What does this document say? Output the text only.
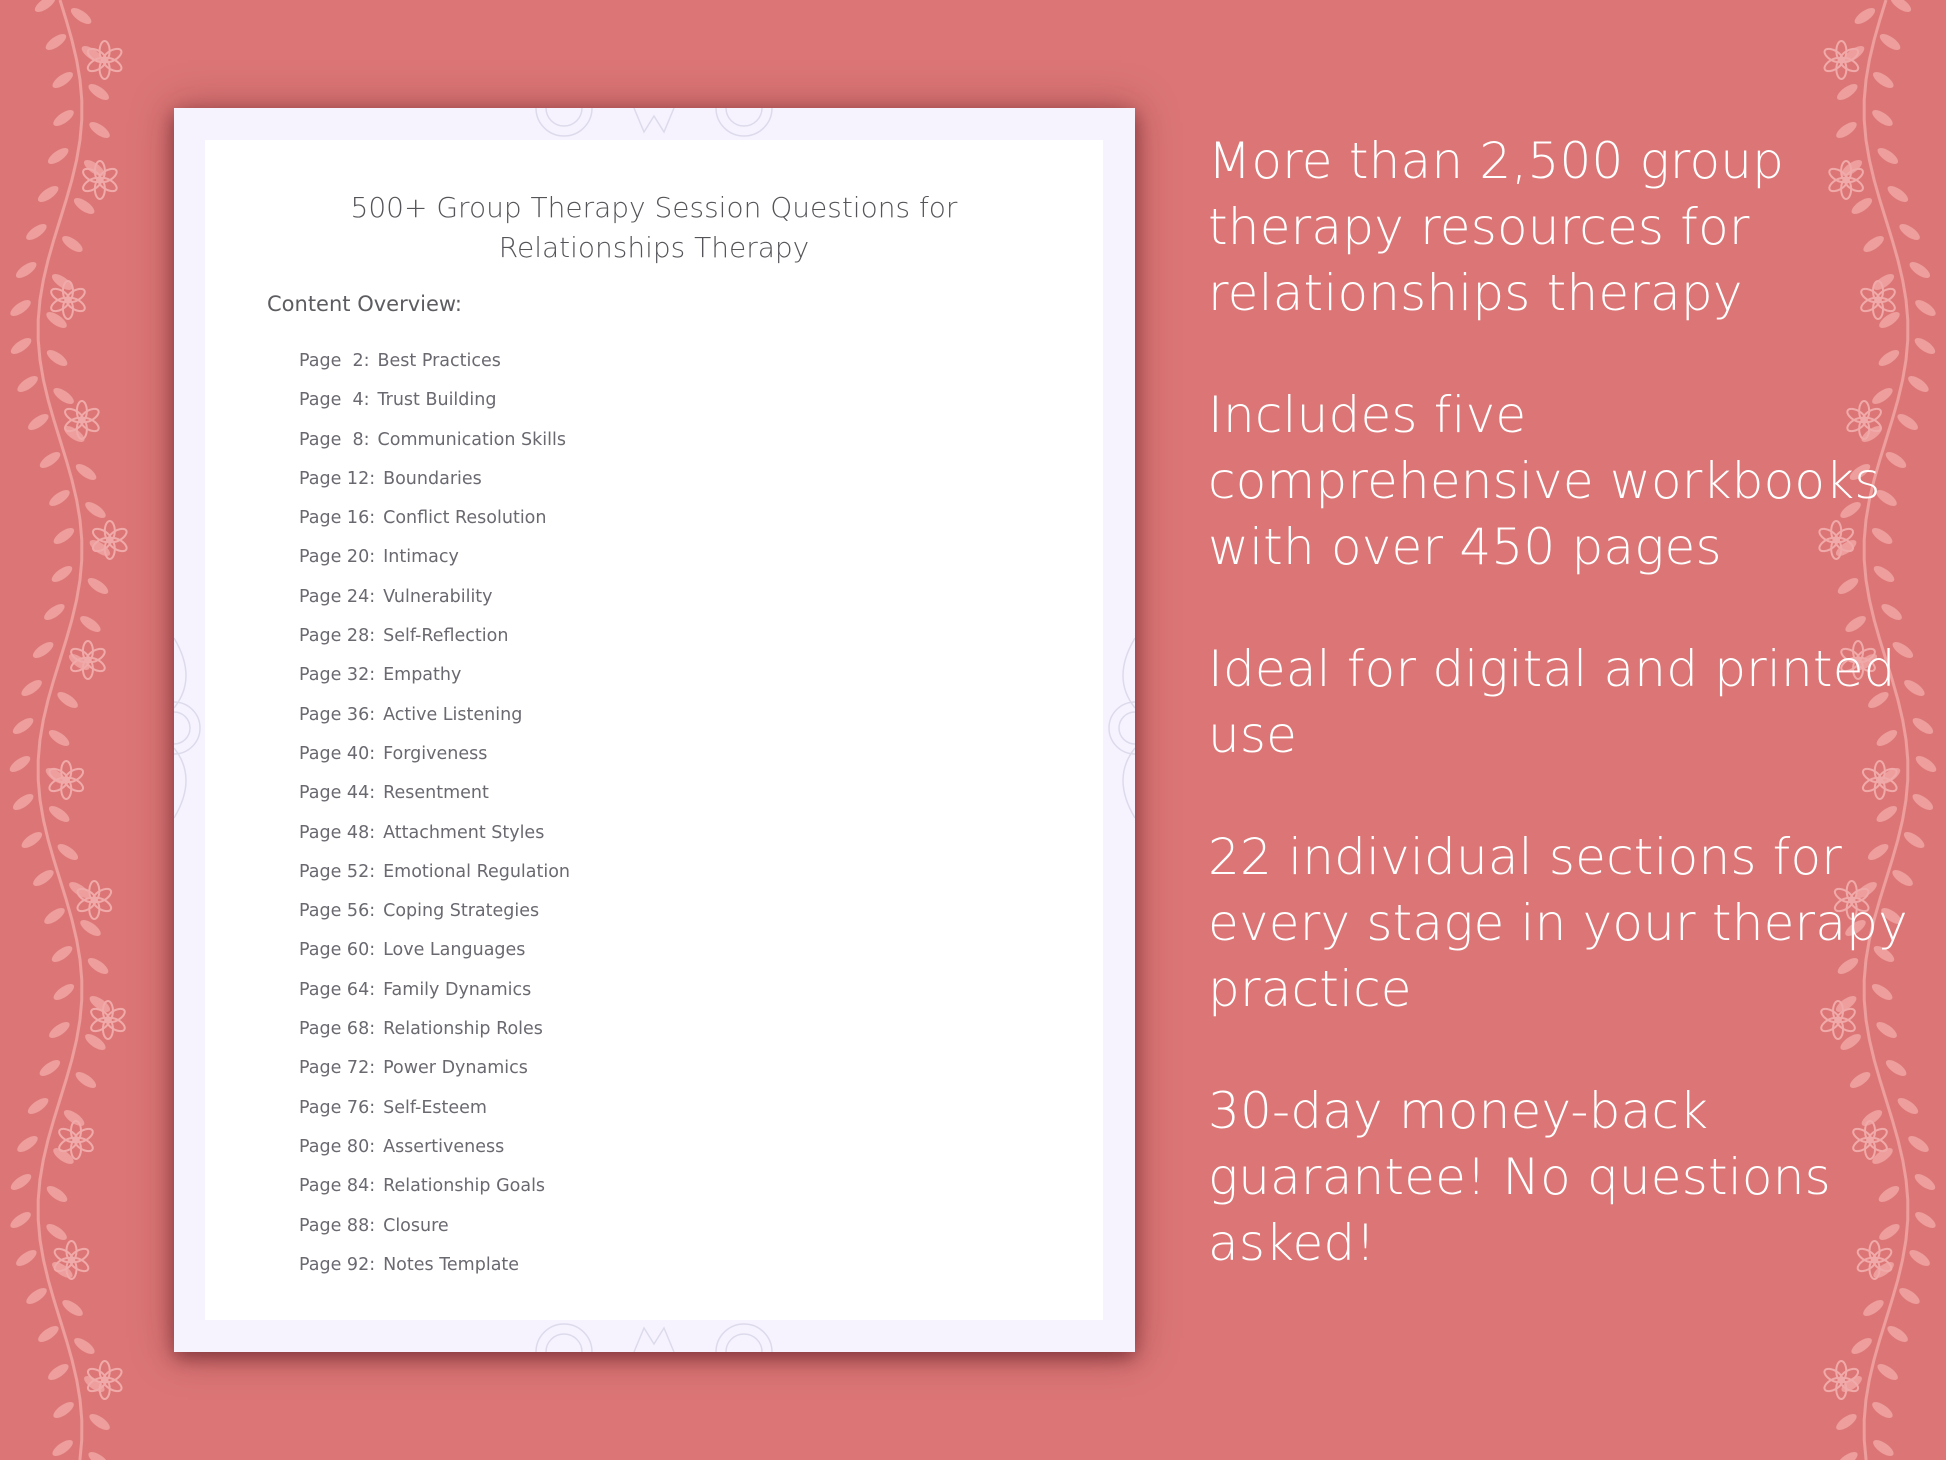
500+ Group Therapy Session Questions for
Relationships Therapy
Content Overview:
Page  2: Best Practices
Page  4: Trust Building
Page  8: Communication Skills
Page 12: Boundaries
Page 16: Conflict Resolution
Page 20: Intimacy
Page 24: Vulnerability
Page 28: Self-Reflection
Page 32: Empathy
Page 36: Active Listening
Page 40: Forgiveness
Page 44: Resentment
Page 48: Attachment Styles
Page 52: Emotional Regulation
Page 56: Coping Strategies
Page 60: Love Languages
Page 64: Family Dynamics
Page 68: Relationship Roles
Page 72: Power Dynamics
Page 76: Self-Esteem
Page 80: Assertiveness
Page 84: Relationship Goals
Page 88: Closure
Page 92: Notes Template
More than 2,500 group therapy resources for relationships therapy
Includes five comprehensive workbooks with over 450 pages
Ideal for digital and printed use
22 individual sections for every stage in your therapy practice
30-day money-back guarantee! No questions asked!
